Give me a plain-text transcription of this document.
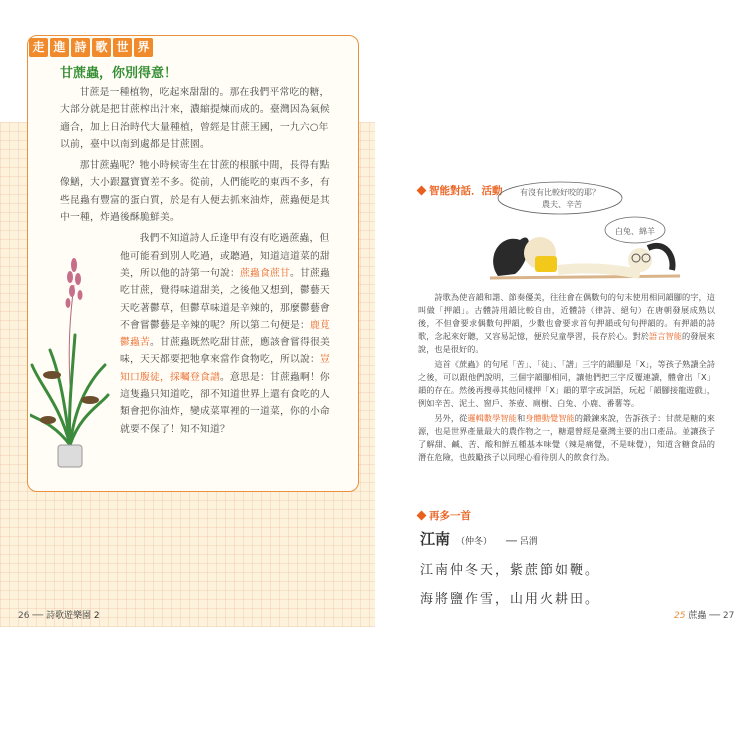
走 進 詩 歌 世 界
甘蔗蟲，你別得意！

甘蔗是一種植物，吃起來甜甜的。那在我們平常吃的糖，大部分就是把甘蔗榨出汁來，濃縮提煉而成的。臺灣因為氣候適合，加上日治時代大量種植，曾經是甘蔗王國，一九六○年以前，臺中以南到處都是甘蔗園。

那甘蔗蟲呢？牠小時候寄生在甘蔗的根脈中間，長得有點像鱔，大小跟蠶寶寶差不多。從前，人們能吃的東西不多，有些昆蟲有豐富的蛋白質，於是有人便去抓來油炸，蔗蟲便是其中一種，炸過後酥脆鮮美。

我們不知道詩人丘逢甲有沒有吃過蔗蟲，但他可能看到別人吃過，或聽過，知道這道菜的甜美，所以他的詩第一句說：蔗蟲食蔗甘。甘蔗蟲吃甘蔗，覺得味道甜美，之後他又想到，鬱藝天天吃著鬱草，但鬱草味道是辛辣的，那麼鬱藝會不會嘗鬱藝是辛辣的呢？所以第二句便是：鹿莧鬱蟲苦。甘蔗蟲既然吃甜甘蔗，應該會嘗得很美味，天天都要把牠拿來當作食物吃，所以說：豈知口腹徒，採囑登食譜。意思是：甘蔗蟲啊！你這隻蟲只知道吃，卻不知道世界上還有食吃的人類會把你油炸，變成菜單裡的一道菜，你的小命就要不保了！知不知道？

26 ── 詩歌遊樂園 2
智能對話．活動 有沒有比較好咬的耶？
農夫、辛苦
白兔、綿羊

詩歌為使音韻和諧、節奏優美，往往會在偶數句的句末使用相同韻腳的字，這叫做「押韻」。古體詩用韻比較自由，近體詩（律詩、絕句）在唐朝發展成熟以後，不但會要求偶數句押韻，少數也會要求首句押韻或句句押韻的。有押韻的詩歌，念起來好聽，又容易記憶，便於兒童學習，長存於心。對於語言智能的發展來說，也是很好的。

這首《蔗蟲》的句尾「苦」、「徒」、「譜」三字的韻腳是「X」，等孩子熟讀全詩之後，可以跟他們說明，三個字韻腳相同，讓他們把三字反覆連讀，體會出「X」韻的存在。然後再搜尋其他同樣押「X」韻的單字或詞語，玩起「韻腳接龍遊戲」，例如辛苦、泥土、窗戶、茶壺、廁樹、白兔、小鹿、番薯等。

另外，從邏輯數學智能和身體動覺智能的鍛鍊來說，告訴孩子：甘蔗是糖的來源，也是世界產量最大的農作物之一，糖還曾經是臺灣主要的出口產品。並讓孩子了解甜、鹹、苦、酸和鮮五種基本味覺（辣是痛覺，不是味覺），知道含糖食品的潛在危險，也鼓勵孩子以同理心看待別人的飲食行為。

再多一首
江南 （仲冬） ── 呂渭
江南仲冬天，紫蔗節如鞭。
海將鹽作雪，山用火耕田。
25 蔗蟲 ── 27
